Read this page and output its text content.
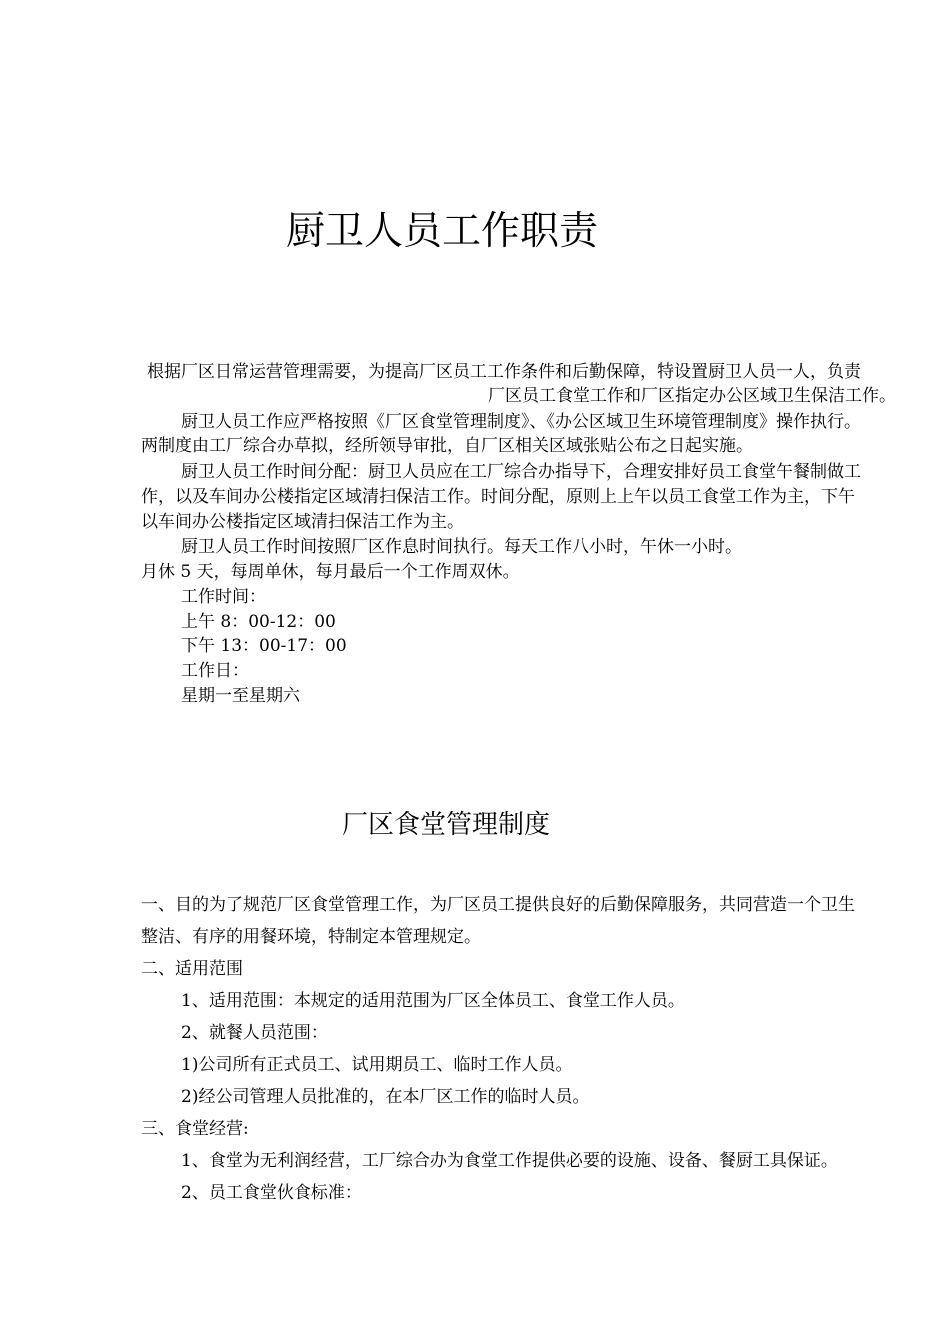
厨卫人员工作职责
根据厂区日常运营管理需要，为提高厂区员工工作条件和后勤保障，特设置厨卫人员一人，负责
厂区员工食堂工作和厂区指定办公区域卫生保洁工作。
厨卫人员工作应严格按照《厂区食堂管理制度》、《办公区域卫生环境管理制度》操作执行。
两制度由工厂综合办草拟，经所领导审批，自厂区相关区域张贴公布之日起实施。
厨卫人员工作时间分配：厨卫人员应在工厂综合办指导下，合理安排好员工食堂午餐制做工
作，以及车间办公楼指定区域清扫保洁工作。时间分配，原则上上午以员工食堂工作为主，下午
以车间办公楼指定区域清扫保洁工作为主。
厨卫人员工作时间按照厂区作息时间执行。每天工作八小时，午休一小时。
月休 5 天，每周单休，每月最后一个工作周双休。
工作时间：
上午 8：00-12：00
下午 13：00-17：00
工作日：
星期一至星期六
厂区食堂管理制度
一、目的为了规范厂区食堂管理工作，为厂区员工提供良好的后勤保障服务，共同营造一个卫生
整洁、有序的用餐环境，特制定本管理规定。
二、适用范围
1、适用范围：本规定的适用范围为厂区全体员工、食堂工作人员。
2、就餐人员范围：
1)公司所有正式员工、试用期员工、临时工作人员。
2)经公司管理人员批准的，在本厂区工作的临时人员。
三、食堂经营:
1、食堂为无利润经营，工厂综合办为食堂工作提供必要的设施、设备、餐厨工具保证。
2、员工食堂伙食标准：
